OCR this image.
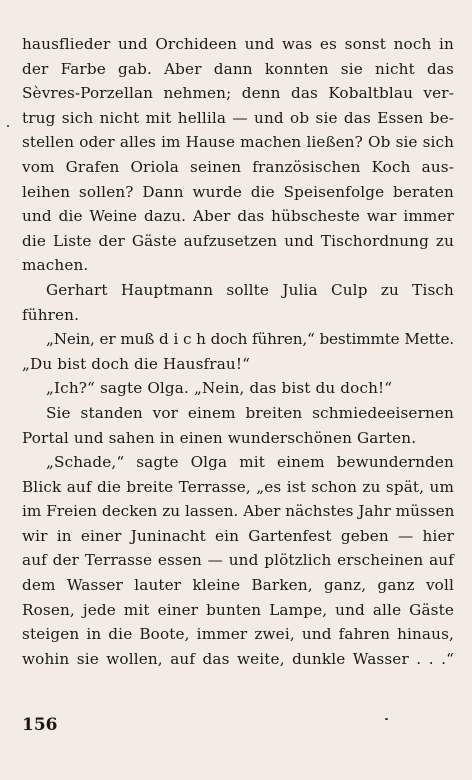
hausflieder und Orchideen und was es sonst noch in
der Farbe gab. Aber dann konnten sie nicht das
Sèvres-Porzellan nehmen; denn das Kobaltblau ver-
trug sich nicht mit hellila — und ob sie das Essen be-
stellen oder alles im Hause machen ließen? Ob sie sich
vom Grafen Oriola seinen französischen Koch aus-
leihen sollen? Dann wurde die Speisenfolge beraten
und die Weine dazu. Aber das hübscheste war immer
die Liste der Gäste aufzusetzen und Tischordnung zu
machen.
Gerhart Hauptmann sollte Julia Culp zu Tisch
führen.
„Nein, er muß d i c h doch führen,“ bestimmte Mette.
„Du bist doch die Hausfrau!“
„Ich?“ sagte Olga. „Nein, das bist du doch!“
Sie standen vor einem breiten schmiedeeisernen
Portal und sahen in einen wunderschönen Garten.
„Schade,“ sagte Olga mit einem bewundernden
Blick auf die breite Terrasse, „es ist schon zu spät, um
im Freien decken zu lassen. Aber nächstes Jahr müssen
wir in einer Juninacht ein Gartenfest geben — hier
auf der Terrasse essen — und plötzlich erscheinen auf
dem Wasser lauter kleine Barken, ganz, ganz voll
Rosen, jede mit einer bunten Lampe, und alle Gäste
steigen in die Boote, immer zwei, und fahren hinaus,
wohin sie wollen, auf das weite, dunkle Wasser . . .“
156
